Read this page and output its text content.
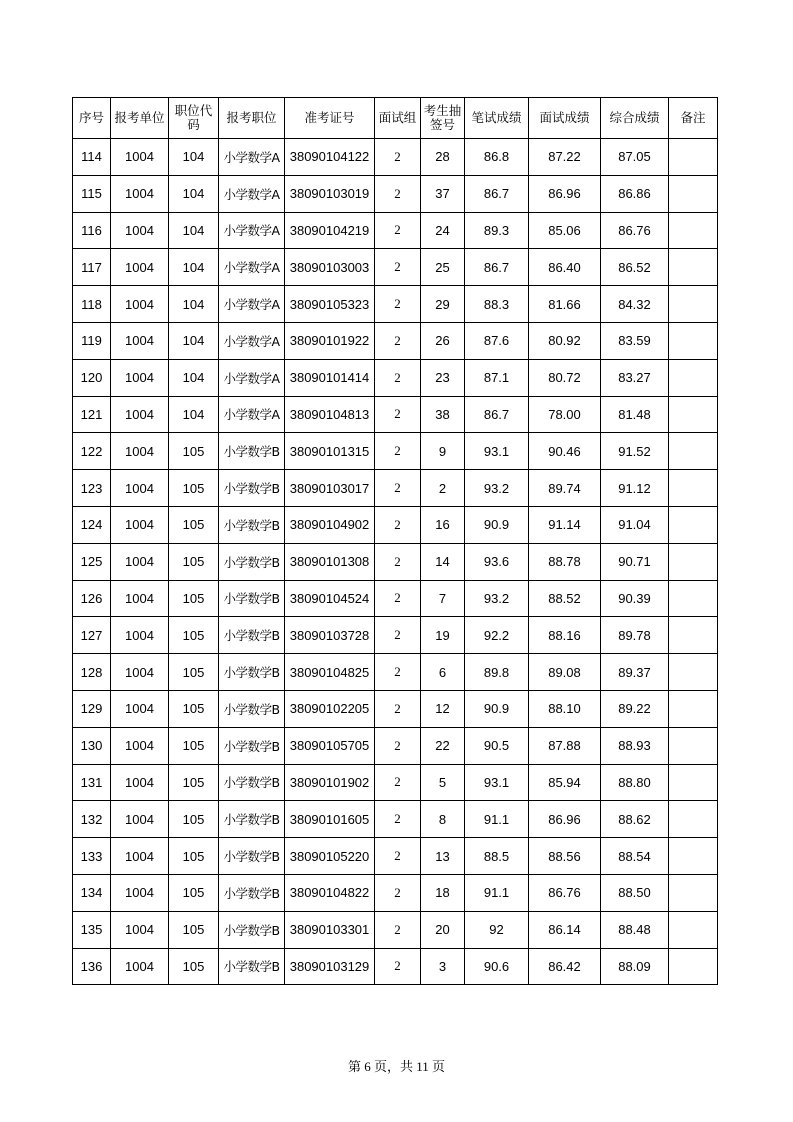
序号	报考单位	职位代码	报考职位	准考证号	面试组	考生抽签号	笔试成绩	面试成绩	综合成绩	备注
114	1004	104	小学数学A	38090104122	2	28	86.8	87.22	87.05	
115	1004	104	小学数学A	38090103019	2	37	86.7	86.96	86.86	
116	1004	104	小学数学A	38090104219	2	24	89.3	85.06	86.76	
117	1004	104	小学数学A	38090103003	2	25	86.7	86.40	86.52	
118	1004	104	小学数学A	38090105323	2	29	88.3	81.66	84.32	
119	1004	104	小学数学A	38090101922	2	26	87.6	80.92	83.59	
120	1004	104	小学数学A	38090101414	2	23	87.1	80.72	83.27	
121	1004	104	小学数学A	38090104813	2	38	86.7	78.00	81.48	
122	1004	105	小学数学B	38090101315	2	9	93.1	90.46	91.52	
123	1004	105	小学数学B	38090103017	2	2	93.2	89.74	91.12	
124	1004	105	小学数学B	38090104902	2	16	90.9	91.14	91.04	
125	1004	105	小学数学B	38090101308	2	14	93.6	88.78	90.71	
126	1004	105	小学数学B	38090104524	2	7	93.2	88.52	90.39	
127	1004	105	小学数学B	38090103728	2	19	92.2	88.16	89.78	
128	1004	105	小学数学B	38090104825	2	6	89.8	89.08	89.37	
129	1004	105	小学数学B	38090102205	2	12	90.9	88.10	89.22	
130	1004	105	小学数学B	38090105705	2	22	90.5	87.88	88.93	
131	1004	105	小学数学B	38090101902	2	5	93.1	85.94	88.80	
132	1004	105	小学数学B	38090101605	2	8	91.1	86.96	88.62	
133	1004	105	小学数学B	38090105220	2	13	88.5	88.56	88.54	
134	1004	105	小学数学B	38090104822	2	18	91.1	86.76	88.50	
135	1004	105	小学数学B	38090103301	2	20	92	86.14	88.48	
136	1004	105	小学数学B	38090103129	2	3	90.6	86.42	88.09	
第 6 页，共 11 页
